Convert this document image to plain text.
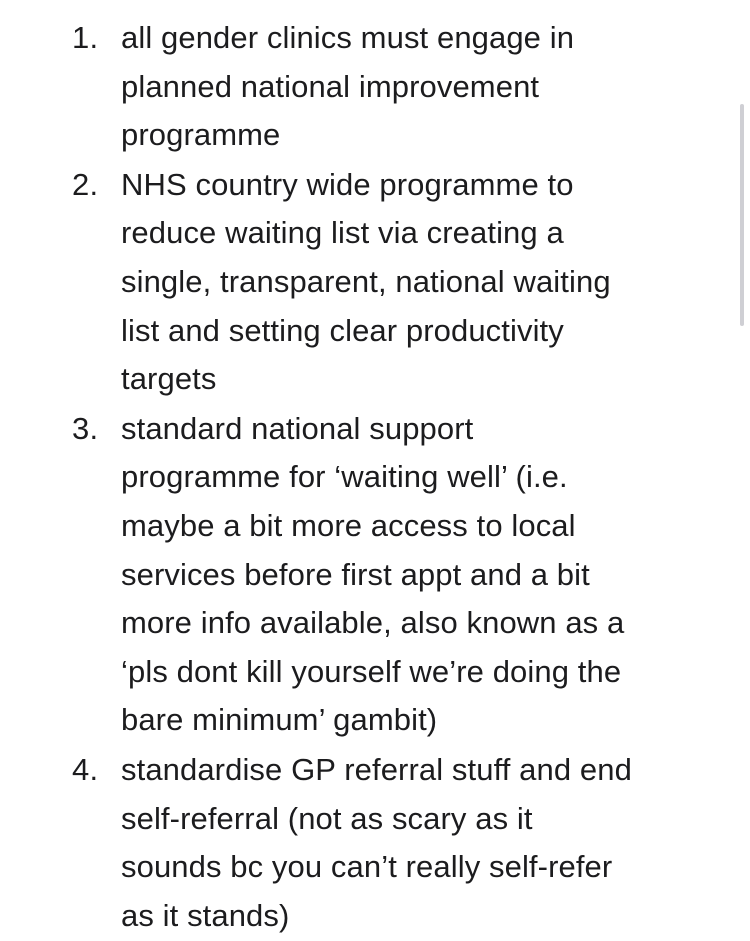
1. all gender clinics must engage in
planned national improvement
programme
2. NHS country wide programme to
reduce waiting list via creating a
single, transparent, national waiting
list and setting clear productivity
targets
3. standard national support
programme for ‘waiting well’ (i.e.
maybe a bit more access to local
services before first appt and a bit
more info available, also known as a
‘pls dont kill yourself we’re doing the
bare minimum’ gambit)
4. standardise GP referral stuff and end
self-referral (not as scary as it
sounds bc you can’t really self-refer
as it stands)
